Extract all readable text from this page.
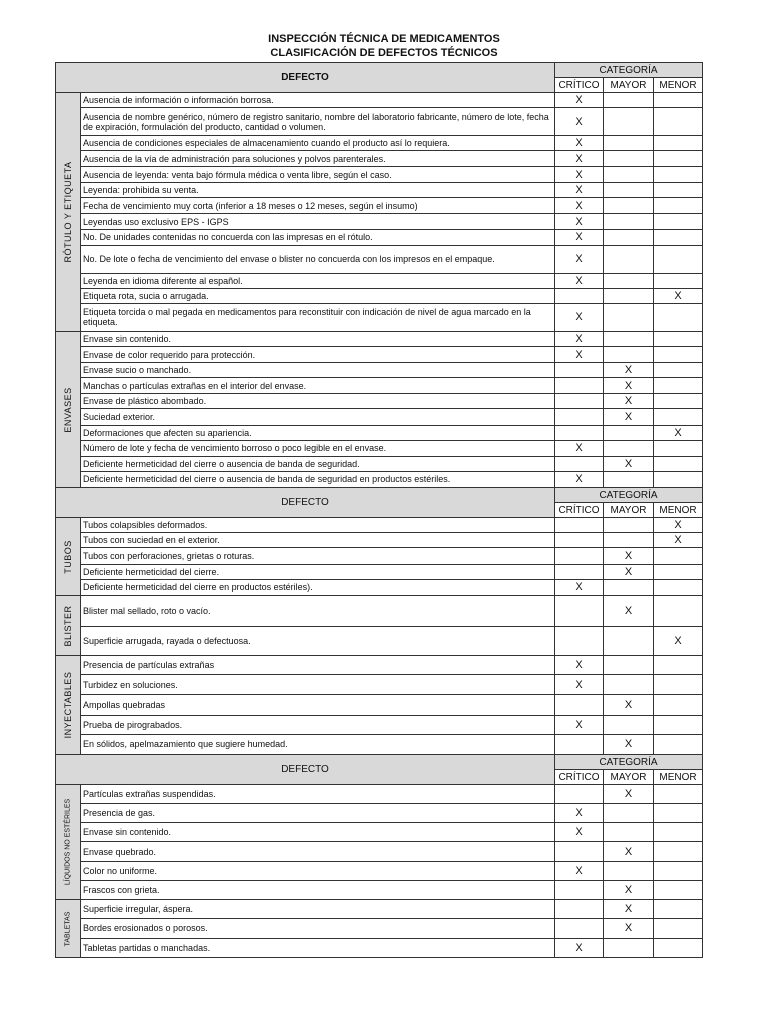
INSPECCIÓN TÉCNICA DE MEDICAMENTOS
CLASIFICACIÓN DE DEFECTOS TÉCNICOS
DEFECTO		CATEGORÍA		
		CRÍTICO	MAYOR	MENOR

RÓTULO Y ETIQUETA	Ausencia de información o información borrosa.	X		
	Ausencia de nombre genérico, número de registro sanitario, nombre del laboratorio fabricante, número de lote, fecha de expiración, formulación del producto, cantidad o volumen.	X		
	Ausencia de condiciones especiales de almacenamiento cuando el producto así lo requiera.	X		
	Ausencia de la vía de administración para soluciones y polvos parenterales.	X		
	Ausencia de leyenda: venta bajo fórmula médica o venta libre, según el caso.	X		
	Leyenda: prohibida su venta.	X		
	Fecha de vencimiento muy corta (inferior a 18 meses o 12 meses, según el insumo)	X		
	Leyendas uso exclusivo EPS - IGPS	X		
	No. De unidades contenidas no concuerda con las impresas en el rótulo.	X		
	No. De lote o fecha de vencimiento del envase o blister no concuerda con los impresos en el empaque.	X		
	Leyenda en idioma diferente al español.	X		
	Etiqueta rota, sucia o arrugada.			X
	Etiqueta torcida o mal pegada en medicamentos para reconstituir con indicación de nivel de agua marcado en la etiqueta.	X		

ENVASES	Envase sin contenido.	X		
	Envase de color requerido para protección.	X		
	Envase sucio o manchado.		X	
	Manchas o partículas extrañas en el interior del envase.		X	
	Envase de plástico abombado.		X	
	Suciedad exterior.		X	
	Deformaciones que afecten su apariencia.			X
	Número de lote y fecha de vencimiento borroso o poco legible en el envase.	X		
	Deficiente hermeticidad del cierre o ausencia de banda de seguridad.		X	
	Deficiente hermeticidad del cierre o ausencia de banda de seguridad en productos estériles.	X		
DEFECTO		CATEGORÍA		
		CRÍTICO	MAYOR	MENOR

TUBOS	Tubos colapsibles deformados.			X
	Tubos con suciedad en el exterior.			X
	Tubos con perforaciones, grietas o roturas.		X	
	Deficiente hermeticidad del cierre.		X	
	Deficiente hermeticidad del cierre en productos estériles).	X		

BLISTER	Blister mal sellado, roto o vacío.		X	
	Superficie arrugada, rayada o defectuosa.			X

INYECTABLES	Presencia de partículas extrañas	X		
	Turbidez en soluciones.	X		
	Ampollas quebradas		X	
	Prueba de pirograbados.	X		
	En sólidos, apelmazamiento que sugiere humedad.		X	
DEFECTO		CATEGORÍA		
		CRÍTICO	MAYOR	MENOR

LÍQUIDOS NO ESTÉRILES	Partículas extrañas suspendidas.		X	
	Presencia de gas.	X		
	Envase sin contenido.	X		
	Envase quebrado.		X	
	Color no uniforme.	X		
	Frascos con grieta.		X	

TABLETAS	Superficie irregular, áspera.		X	
	Bordes erosionados o porosos.		X	
	Tabletas partidas o manchadas.	X		
